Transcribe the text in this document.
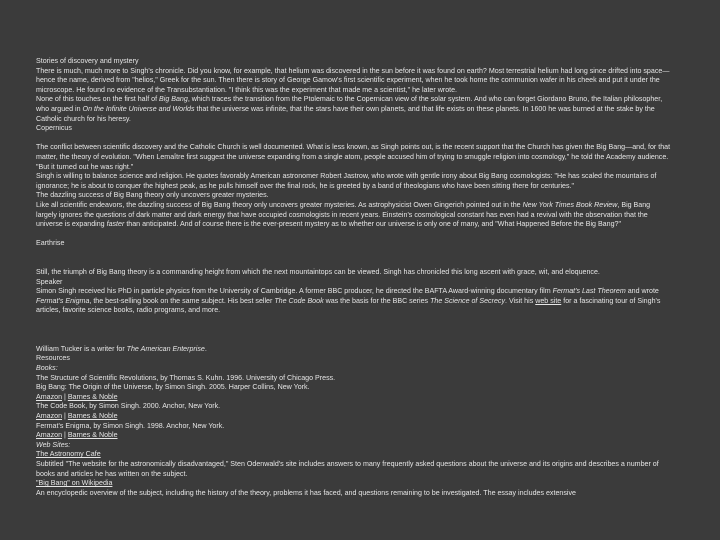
Stories of discovery and mystery

There is much, much more to Singh's chronicle. Did you know, for example, that helium was discovered in the sun before it was found on earth? Most terrestrial helium had long since drifted into space—hence the name, derived from "helios," Greek for the sun. Then there is story of George Gamow's first scientific experiment, when he took home the communion wafer in his cheek and put it under the microscope. He found no evidence of the Transubstantiation. "I think this was the experiment that made me a scientist," he later wrote.

None of this touches on the first half of Big Bang, which traces the transition from the Ptolemaic to the Copernican view of the solar system. And who can forget Giordano Bruno, the Italian philosopher, who argued in On the Infinite Universe and Worlds that the universe was infinite, that the stars have their own planets, and that life exists on these planets. In 1600 he was burned at the stake by the Catholic church for his heresy.

Copernicus

The conflict between scientific discovery and the Catholic Church is well documented. What is less known, as Singh points out, is the recent support that the Church has given the Big Bang—and, for that matter, the theory of evolution. "When Lemaître first suggest the universe expanding from a single atom, people accused him of trying to smuggle religion into cosmology," he told the Academy audience. "But it turned out he was right."

Singh is willing to balance science and religion. He quotes favorably American astronomer Robert Jastrow, who wrote with gentle irony about Big Bang cosmologists: "He has scaled the mountains of ignorance; he is about to conquer the highest peak, as he pulls himself over the final rock, he is greeted by a band of theologians who have been sitting there for centuries."

The dazzling success of Big Bang theory only uncovers greater mysteries.

Like all scientific endeavors, the dazzling success of Big Bang theory only uncovers greater mysteries. As astrophysicist Owen Gingerich pointed out in the New York Times Book Review, Big Bang largely ignores the questions of dark matter and dark energy that have occupied cosmologists in recent years. Einstein's cosmological constant has even had a revival with the observation that the universe is expanding faster than anticipated. And of course there is the ever-present mystery as to whether our universe is only one of many, and "What Happened Before the Big Bang?"

Earthrise

Still, the triumph of Big Bang theory is a commanding height from which the next mountaintops can be viewed. Singh has chronicled this long ascent with grace, wit, and eloquence.

Speaker

Simon Singh received his PhD in particle physics from the University of Cambridge. A former BBC producer, he directed the BAFTA Award-winning documentary film Fermat's Last Theorem and wrote Fermat's Enigma, the best-selling book on the same subject. His best seller The Code Book was the basis for the BBC series The Science of Secrecy. Visit his web site for a fascinating tour of Singh's articles, favorite science books, radio programs, and more.

William Tucker is a writer for The American Enterprise.

Resources

Books:

The Structure of Scientific Revolutions, by Thomas S. Kuhn. 1996. University of Chicago Press.

Big Bang: The Origin of the Universe, by Simon Singh. 2005. Harper Collins, New York.

Amazon | Barnes & Noble

The Code Book, by Simon Singh. 2000. Anchor, New York.

Amazon | Barnes & Noble

Fermat's Enigma, by Simon Singh. 1998. Anchor, New York.

Amazon | Barnes & Noble

Web Sites:

The Astronomy Cafe

Subtitled "The website for the astronomically disadvantaged," Sten Odenwald's site includes answers to many frequently asked questions about the universe and its origins and describes a number of books and articles he has written on the subject.

"Big Bang" on Wikipedia

An encyclopedic overview of the subject, including the history of the theory, problems it has faced, and questions remaining to be investigated. The essay includes extensive
